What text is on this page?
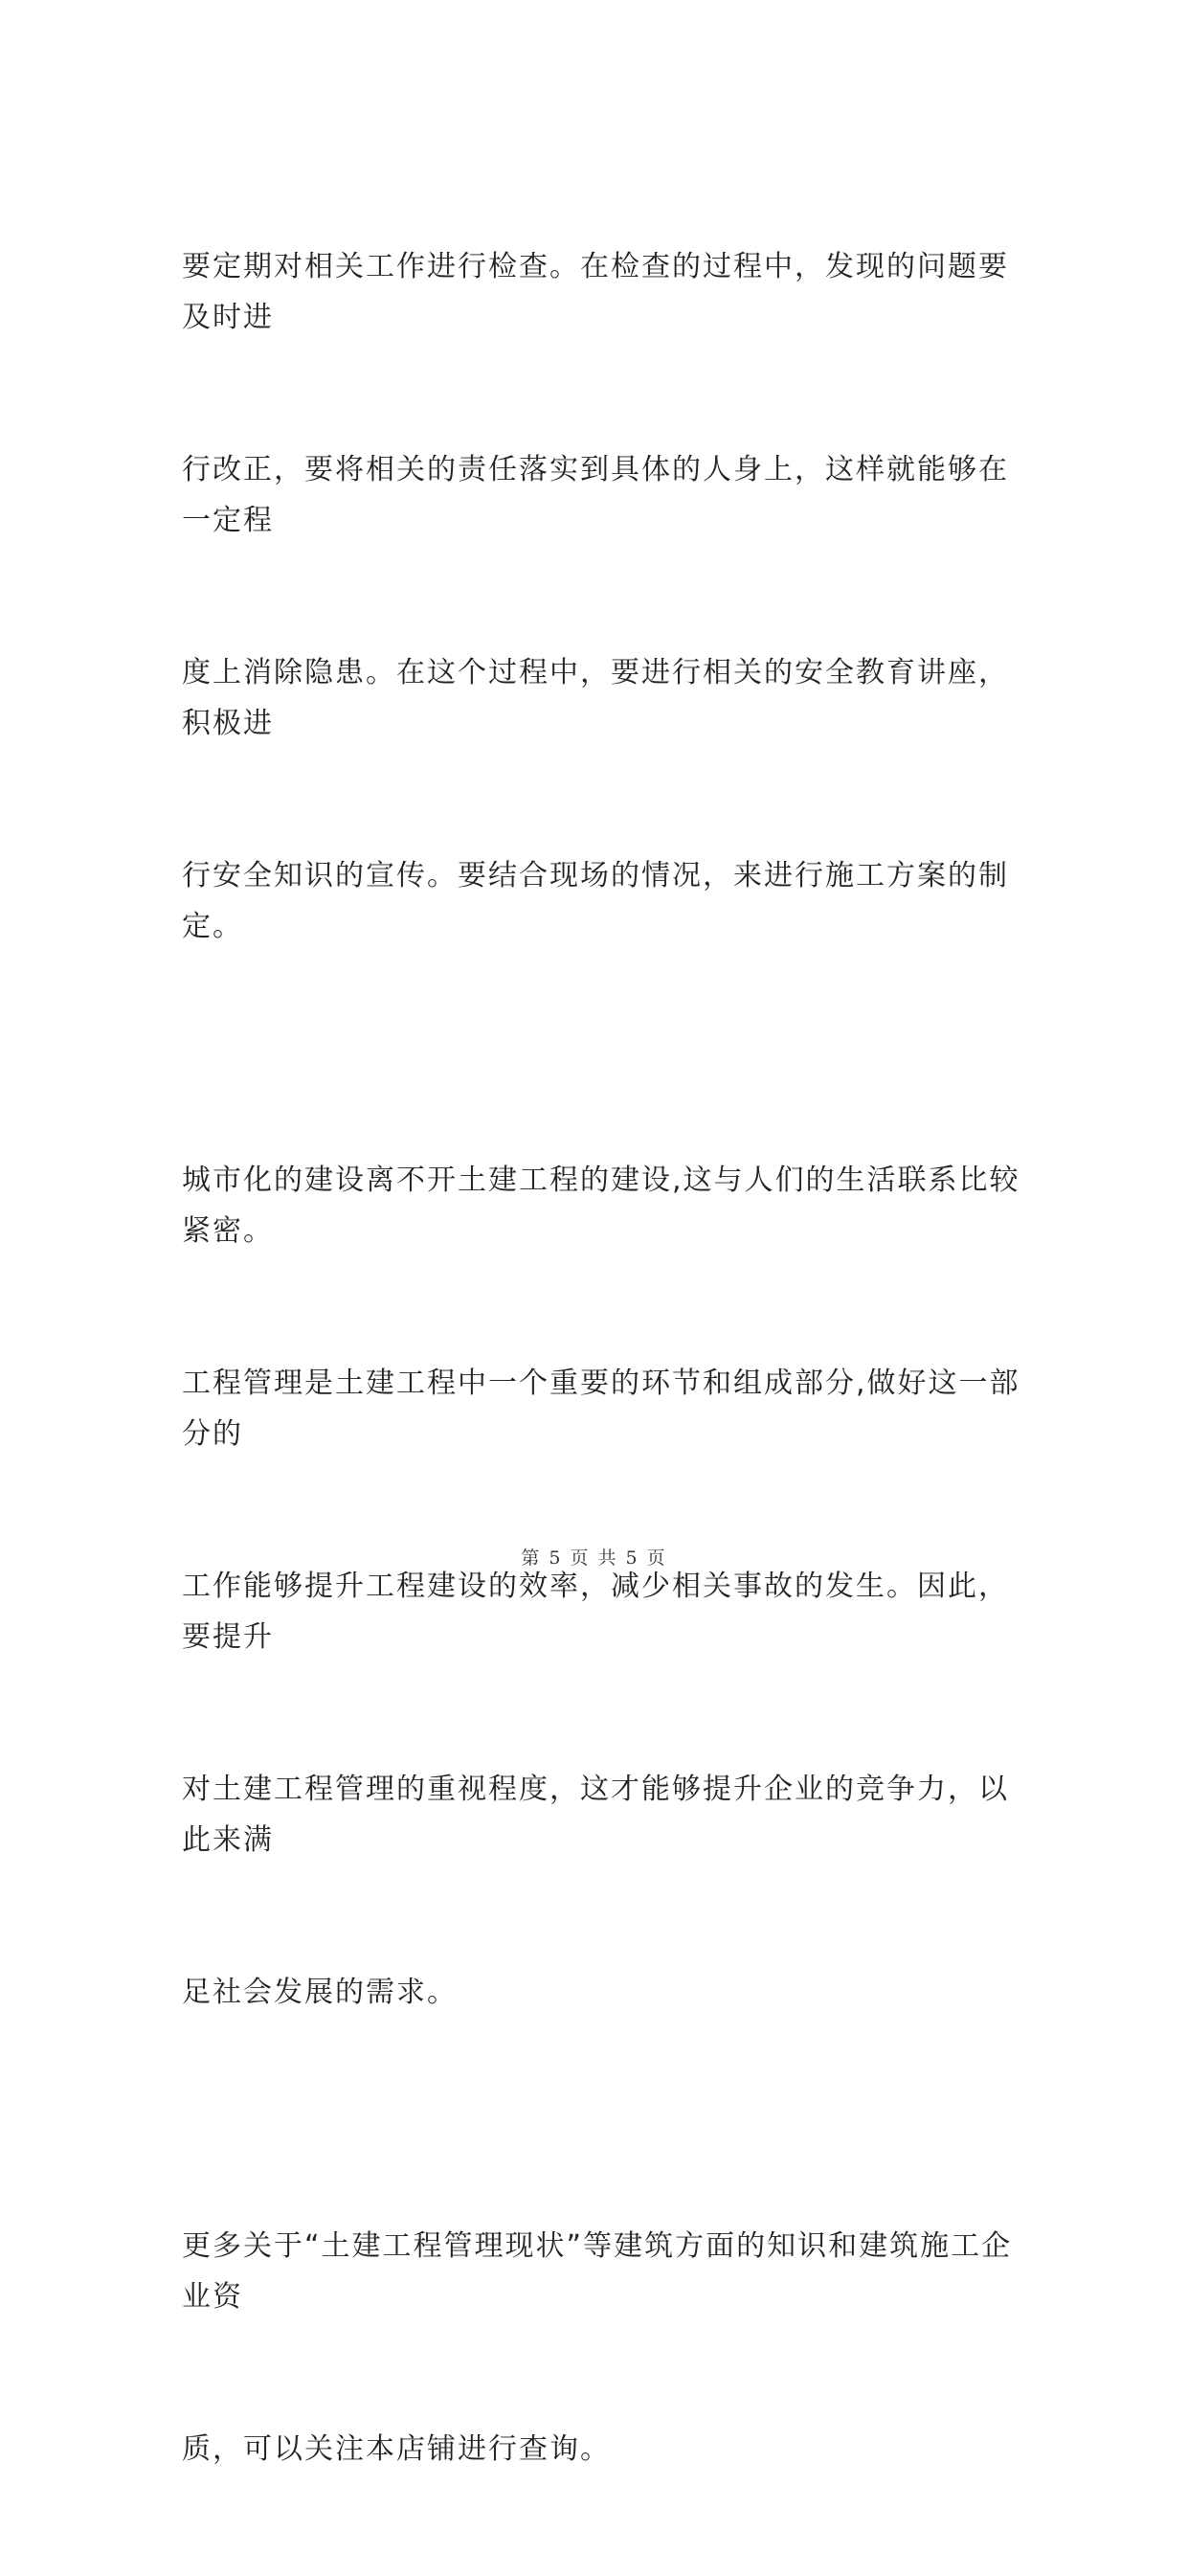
要定期对相关工作进行检查。在检查的过程中，发现的问题要及时进

行改正，要将相关的责任落实到具体的人身上，这样就能够在一定程

度上消除隐患。在这个过程中，要进行相关的安全教育讲座，积极进

行安全知识的宣传。要结合现场的情况，来进行施工方案的制定。

城市化的建设离不开土建工程的建设,这与人们的生活联系比较紧密。

工程管理是土建工程中一个重要的环节和组成部分,做好这一部分的

工作能够提升工程建设的效率，减少相关事故的发生。因此，要提升

对土建工程管理的重视程度，这才能够提升企业的竞争力，以此来满

足社会发展的需求。

更多关于“土建工程管理现状”等建筑方面的知识和建筑施工企业资

质，可以关注本店铺进行查询。

第 5 页 共 5 页
